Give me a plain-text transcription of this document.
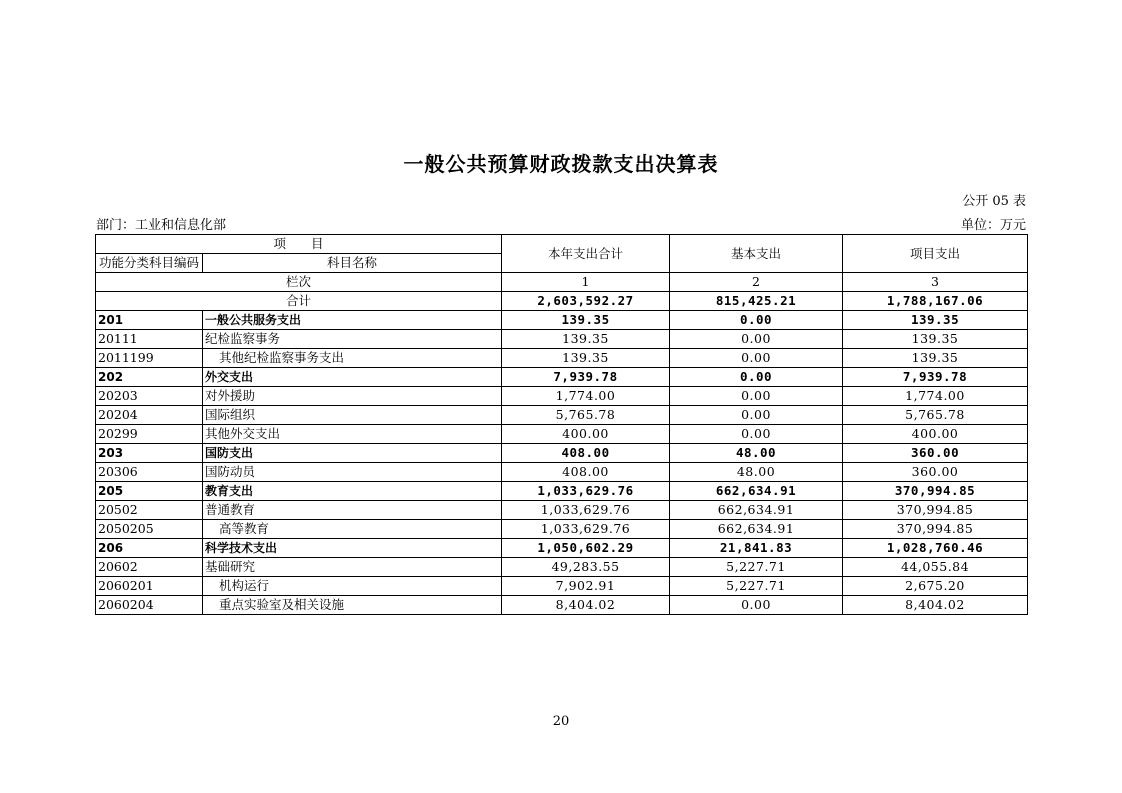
一般公共预算财政拨款支出决算表
公开 05 表
部门：工业和信息化部	单位：万元
项　　目		本年支出合计	基本支出	项目支出
功能分类科目编码	科目名称			
栏次		1	2	3
合计		2,603,592.27	815,425.21	1,788,167.06
201	一般公共服务支出	139.35	0.00	139.35
20111	纪检监察事务	139.35	0.00	139.35
2011199	其他纪检监察事务支出	139.35	0.00	139.35
202	外交支出	7,939.78	0.00	7,939.78
20203	对外援助	1,774.00	0.00	1,774.00
20204	国际组织	5,765.78	0.00	5,765.78
20299	其他外交支出	400.00	0.00	400.00
203	国防支出	408.00	48.00	360.00
20306	国防动员	408.00	48.00	360.00
205	教育支出	1,033,629.76	662,634.91	370,994.85
20502	普通教育	1,033,629.76	662,634.91	370,994.85
2050205	高等教育	1,033,629.76	662,634.91	370,994.85
206	科学技术支出	1,050,602.29	21,841.83	1,028,760.46
20602	基础研究	49,283.55	5,227.71	44,055.84
2060201	机构运行	7,902.91	5,227.71	2,675.20
2060204	重点实验室及相关设施	8,404.02	0.00	8,404.02
20
